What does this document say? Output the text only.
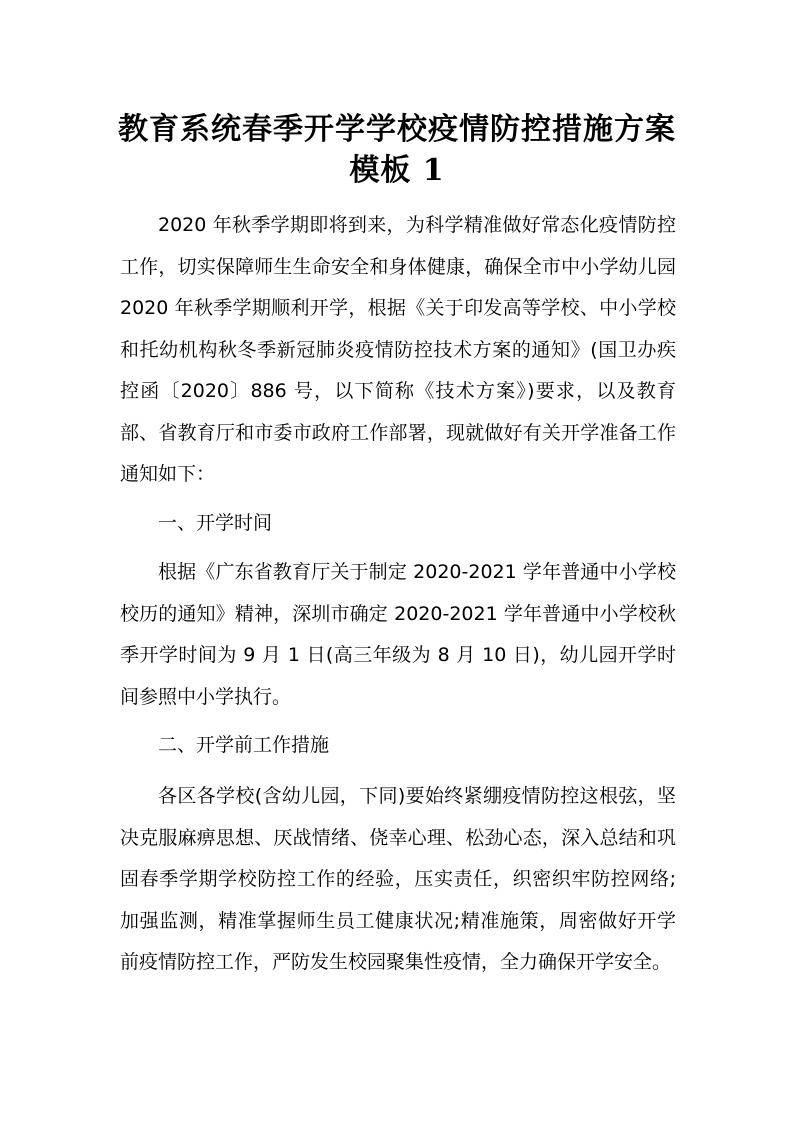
教育系统春季开学学校疫情防控措施方案
模板 1

2020 年秋季学期即将到来，为科学精准做好常态化疫情防控工作，切实保障师生生命安全和身体健康，确保全市中小学幼儿园 2020 年秋季学期顺利开学，根据《关于印发高等学校、中小学校和托幼机构秋冬季新冠肺炎疫情防控技术方案的通知》(国卫办疾控函〔2020〕886 号，以下简称《技术方案》)要求，以及教育部、省教育厅和市委市政府工作部署，现就做好有关开学准备工作通知如下：

一、开学时间

根据《广东省教育厅关于制定 2020-2021 学年普通中小学校校历的通知》精神，深圳市确定 2020-2021 学年普通中小学校秋季开学时间为 9 月 1 日(高三年级为 8 月 10 日)，幼儿园开学时间参照中小学执行。

二、开学前工作措施

各区各学校(含幼儿园，下同)要始终紧绷疫情防控这根弦，坚决克服麻痹思想、厌战情绪、侥幸心理、松劲心态，深入总结和巩固春季学期学校防控工作的经验，压实责任，织密织牢防控网络;加强监测，精准掌握师生员工健康状况;精准施策，周密做好开学前疫情防控工作，严防发生校园聚集性疫情，全力确保开学安全。
